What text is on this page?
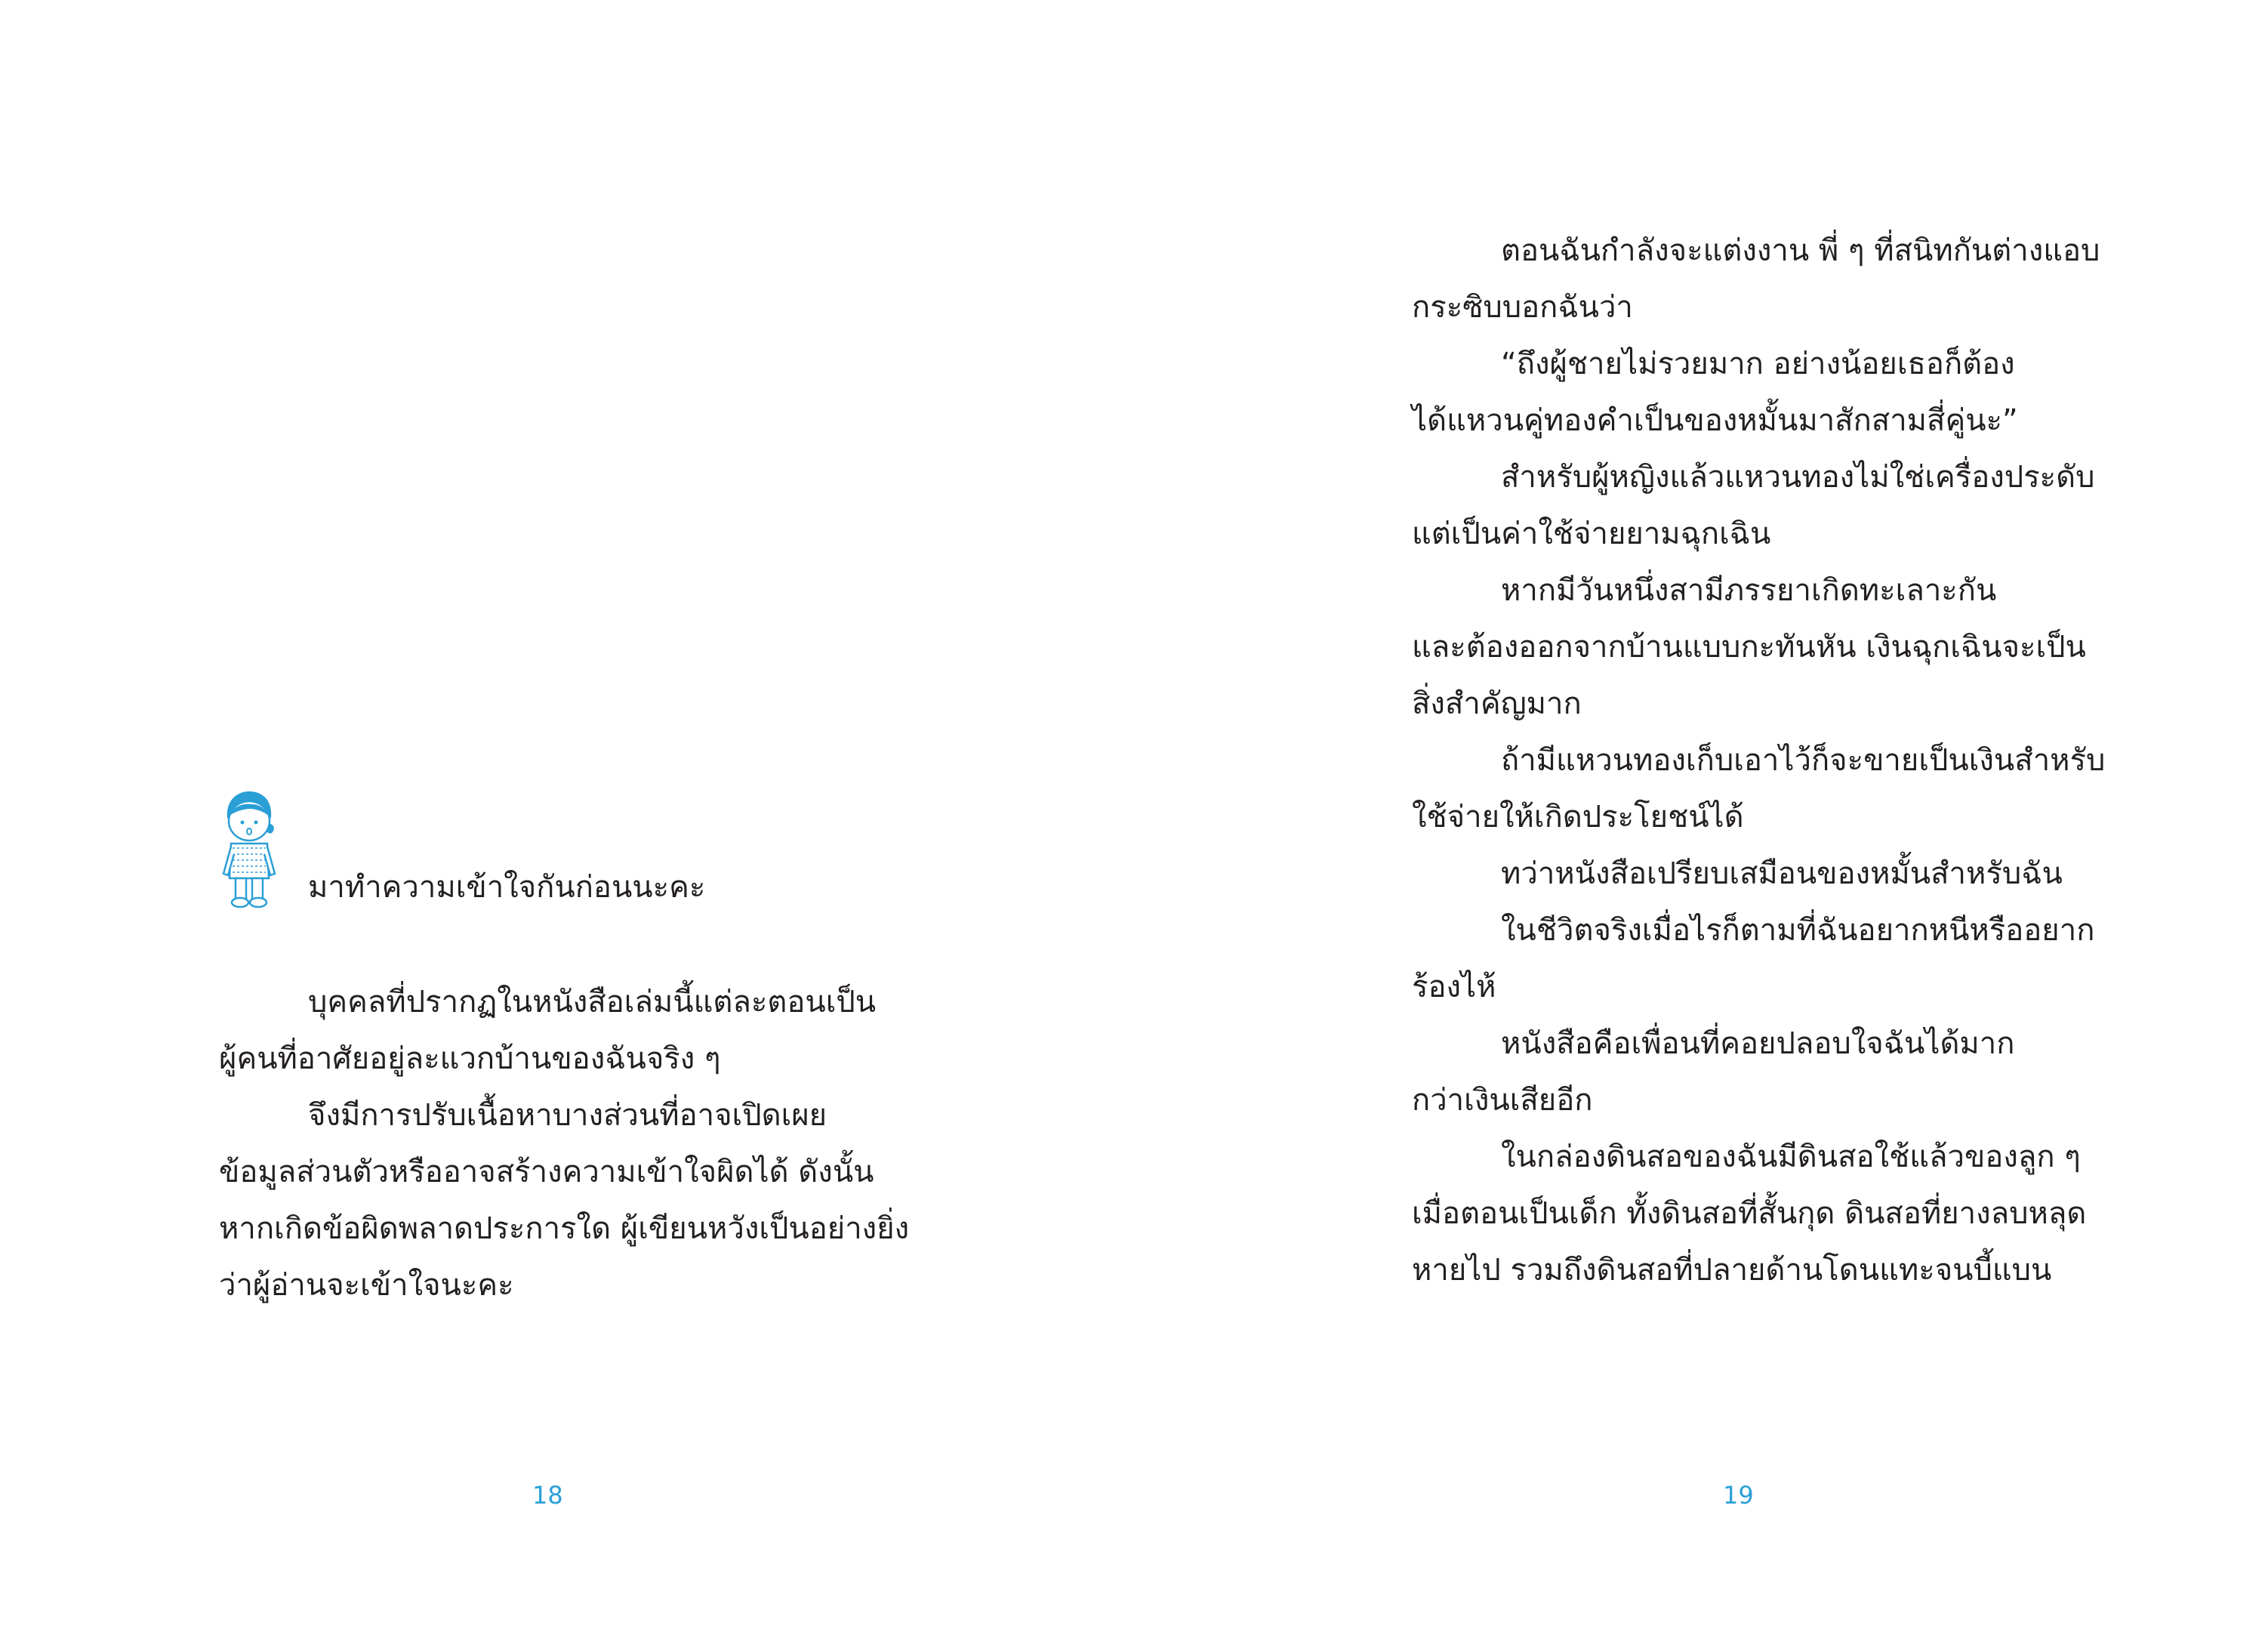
มาทำความเข้าใจกันก่อนนะคะ
บุคคลที่ปรากฏในหนังสือเล่มนี้แต่ละตอนเป็น
ผู้คนที่อาศัยอยู่ละแวกบ้านของฉันจริง ๆ
จึงมีการปรับเนื้อหาบางส่วนที่อาจเปิดเผย
ข้อมูลส่วนตัวหรืออาจสร้างความเข้าใจผิดได้ ดังนั้น
หากเกิดข้อผิดพลาดประการใด ผู้เขียนหวังเป็นอย่างยิ่ง
ว่าผู้อ่านจะเข้าใจนะคะ
18
ตอนฉันกำลังจะแต่งงาน พี่ ๆ ที่สนิทกันต่างแอบ
กระซิบบอกฉันว่า
“ถึงผู้ชายไม่รวยมาก อย่างน้อยเธอก็ต้อง
ได้แหวนคู่ทองคำเป็นของหมั้นมาสักสามสี่คู่นะ”
สำหรับผู้หญิงแล้วแหวนทองไม่ใช่เครื่องประดับ
แต่เป็นค่าใช้จ่ายยามฉุกเฉิน
หากมีวันหนึ่งสามีภรรยาเกิดทะเลาะกัน
และต้องออกจากบ้านแบบกะทันหัน เงินฉุกเฉินจะเป็น
สิ่งสำคัญมาก
ถ้ามีแหวนทองเก็บเอาไว้ก็จะขายเป็นเงินสำหรับ
ใช้จ่ายให้เกิดประโยชน์ได้
ทว่าหนังสือเปรียบเสมือนของหมั้นสำหรับฉัน
ในชีวิตจริงเมื่อไรก็ตามที่ฉันอยากหนีหรืออยาก
ร้องไห้
หนังสือคือเพื่อนที่คอยปลอบใจฉันได้มาก
กว่าเงินเสียอีก
ในกล่องดินสอของฉันมีดินสอใช้แล้วของลูก ๆ
เมื่อตอนเป็นเด็ก ทั้งดินสอที่สั้นกุด ดินสอที่ยางลบหลุด
หายไป รวมถึงดินสอที่ปลายด้านโดนแทะจนบี้แบน
19
